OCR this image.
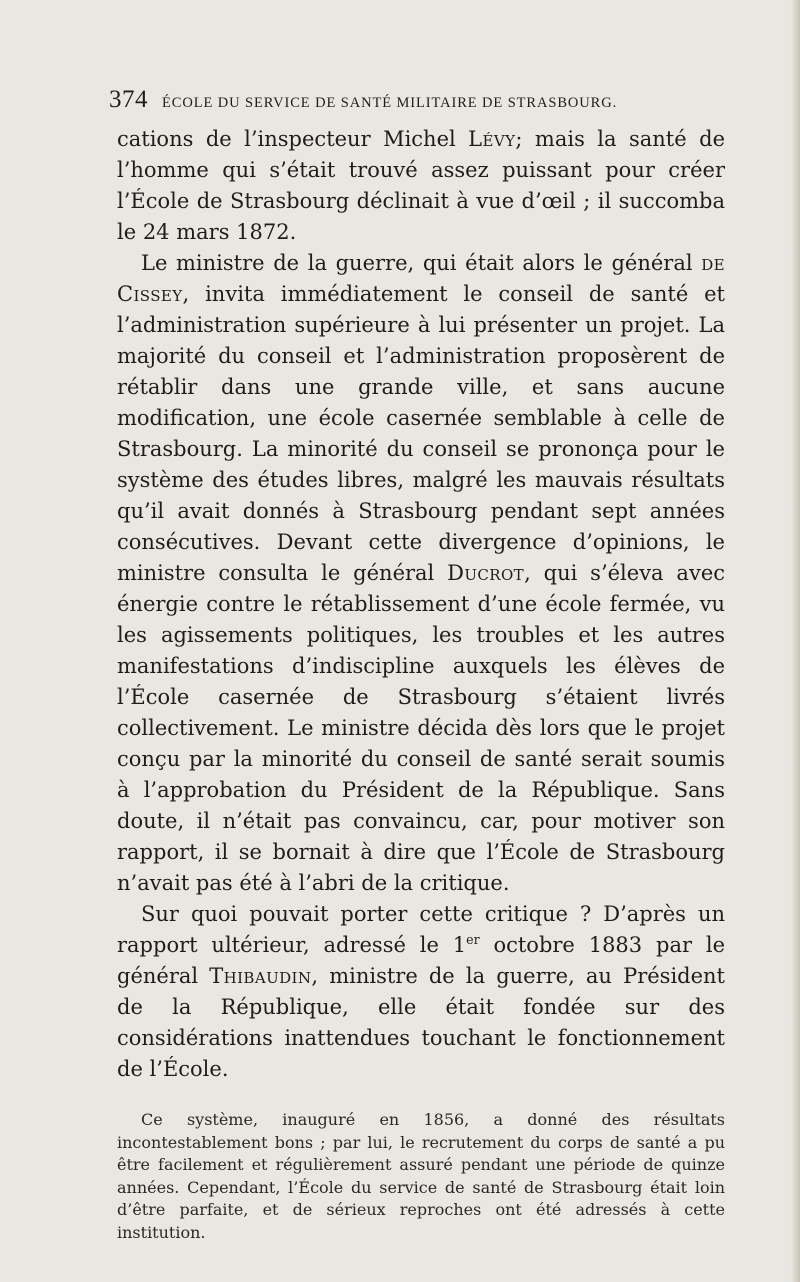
374 ÉCOLE DU SERVICE DE SANTÉ MILITAIRE DE STRASBOURG.

cations de l’inspecteur Michel Lévy; mais la santé de l’homme qui s’était trouvé assez puissant pour créer l’École de Strasbourg déclinait à vue d’œil ; il succomba le 24 mars 1872.

Le ministre de la guerre, qui était alors le général de Cissey, invita immédiatement le conseil de santé et l’administration supérieure à lui présenter un projet. La majorité du conseil et l’administration proposèrent de rétablir dans une grande ville, et sans aucune modification, une école casernée semblable à celle de Strasbourg. La minorité du conseil se prononça pour le système des études libres, malgré les mauvais résultats qu’il avait donnés à Strasbourg pendant sept années consécutives. Devant cette divergence d’opinions, le ministre consulta le général Ducrot, qui s’éleva avec énergie contre le rétablissement d’une école fermée, vu les agissements politiques, les troubles et les autres manifestations d’indiscipline auxquels les élèves de l’École casernée de Strasbourg s’étaient livrés collectivement. Le ministre décida dès lors que le projet conçu par la minorité du conseil de santé serait soumis à l’approbation du Président de la République. Sans doute, il n’était pas convaincu, car, pour motiver son rapport, il se bornait à dire que l’École de Strasbourg n’avait pas été à l’abri de la critique.

Sur quoi pouvait porter cette critique ? D’après un rapport ultérieur, adressé le 1er octobre 1883 par le général Thibaudin, ministre de la guerre, au Président de la République, elle était fondée sur des considérations inattendues touchant le fonctionnement de l’École.

Ce système, inauguré en 1856, a donné des résultats incontestablement bons ; par lui, le recrutement du corps de santé a pu être facilement et régulièrement assuré pendant une période de quinze années. Cependant, l’École du service de santé de Strasbourg était loin d’être parfaite, et de sérieux reproches ont été adressés à cette institution.
